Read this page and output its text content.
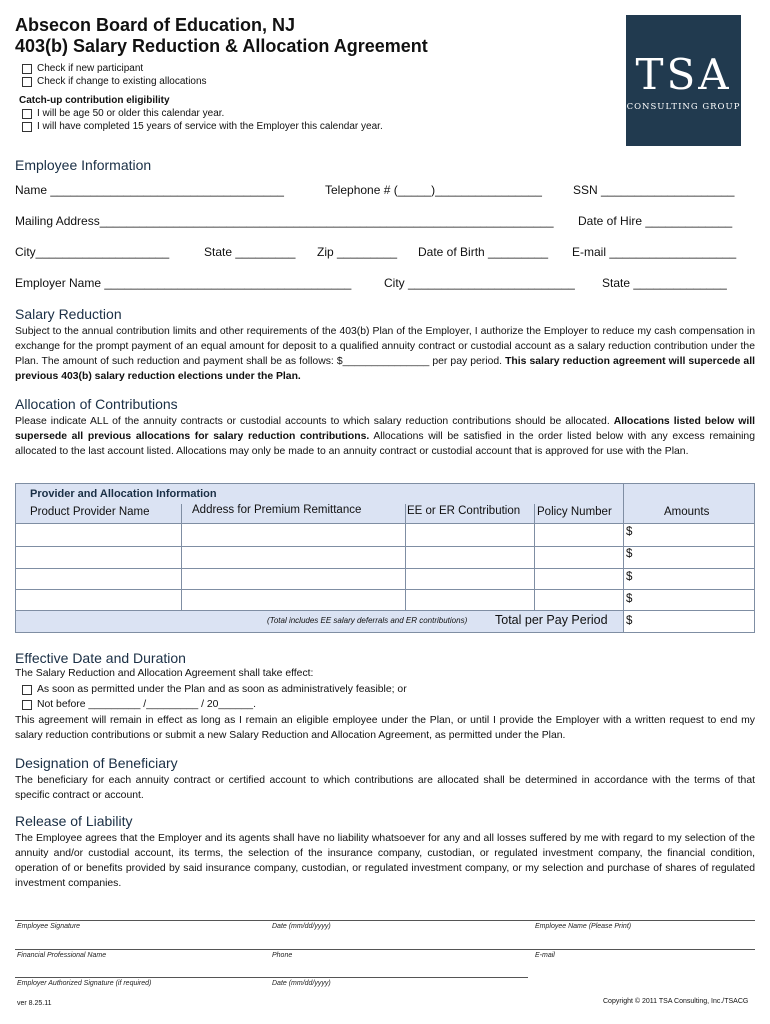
Absecon Board of Education, NJ
403(b) Salary Reduction & Allocation Agreement
Check if new participant
Check if change to existing allocations
Catch-up contribution eligibility
I will be age 50 or older this calendar year.
I will have completed 15 years of service with the Employer this calendar year.
TSA
CONSULTING GROUP
Employee Information
Name ___________________________________	Telephone # (_____)________________	SSN ____________________
Mailing Address____________________________________________________________________ Date of Hire _____________
City____________________	State _________ Zip _________ Date of Birth _________ E-mail ___________________
Employer Name _____________________________________	City _________________________ State ______________
Salary Reduction
Subject to the annual contribution limits and other requirements of the 403(b) Plan of the Employer, I authorize the Employer to reduce my cash compensation in exchange for the prompt payment of an equal amount for deposit to a qualified annuity contract or custodial account as a salary reduction contribution under the Plan. The amount of such reduction and payment shall be as follows: $_______________ per pay period. This salary reduction agreement will supercede all previous 403(b) salary reduction elections under the Plan.
Allocation of Contributions
Please indicate ALL of the annuity contracts or custodial accounts to which salary reduction contributions should be allocated. Allocations listed below will supersede all previous allocations for salary reduction contributions. Allocations will be satisfied in the order listed below with any excess remaining allocated to the last account listed. Allocations may only be made to an annuity contract or custodial account that is approved for use with the Plan.
Provider and Allocation Information
Product Provider Name	Address for Premium Remittance	EE or ER Contribution Policy Number	Amounts
$
$
$
$
(Total includes EE salary deferrals and ER contributions) Total per Pay Period $
Effective Date and Duration
The Salary Reduction and Allocation Agreement shall take effect:
As soon as permitted under the Plan and as soon as administratively feasible; or
Not before _________ /_________ / 20______.
This agreement will remain in effect as long as I remain an eligible employee under the Plan, or until I provide the Employer with a written request to end my salary reduction contributions or submit a new Salary Reduction and Allocation Agreement, as permitted under the Plan.
Designation of Beneficiary
The beneficiary for each annuity contract or certified account to which contributions are allocated shall be determined in accordance with the terms of that specific contract or account.
Release of Liability
The Employee agrees that the Employer and its agents shall have no liability whatsoever for any and all losses suffered by me with regard to my selection of the annuity and/or custodial account, its terms, the selection of the insurance company, custodian, or regulated investment company, the financial condition, operation of or benefits provided by said insurance company, custodian, or regulated investment company, or my selection and purchase of shares of regulated investment companies.
Employee Signature	Date (mm/dd/yyyy)	Employee Name (Please Print)
Financial Professional Name	Phone	E-mail
Employer Authorized Signature (if required)	Date (mm/dd/yyyy)
ver 8.25.11	Copyright © 2011 TSA Consulting, Inc./TSACG
